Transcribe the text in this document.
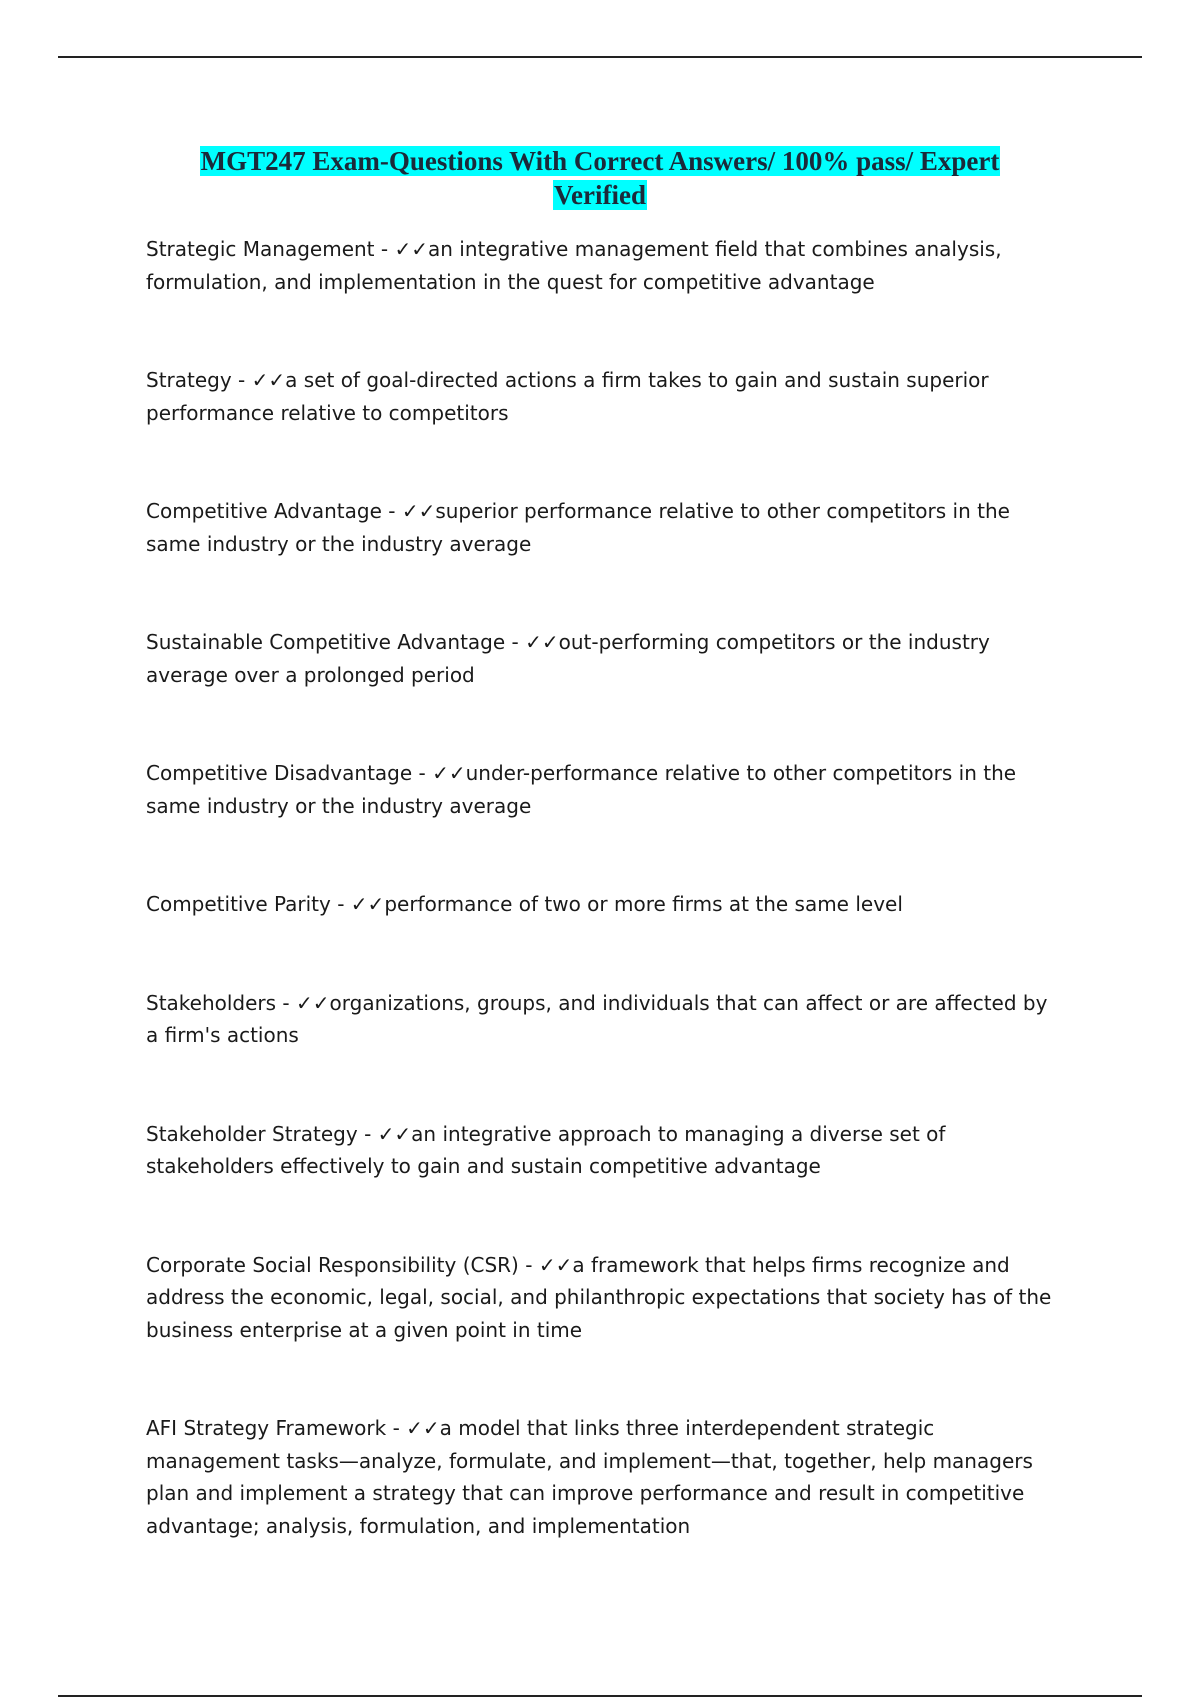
MGT247 Exam-Questions With Correct Answers/ 100% pass/ Expert
Verified

Strategic Management - ✓✓an integrative management field that combines analysis, formulation, and implementation in the quest for competitive advantage

Strategy - ✓✓a set of goal-directed actions a firm takes to gain and sustain superior performance relative to competitors

Competitive Advantage - ✓✓superior performance relative to other competitors in the same industry or the industry average

Sustainable Competitive Advantage - ✓✓out-performing competitors or the industry average over a prolonged period

Competitive Disadvantage - ✓✓under-performance relative to other competitors in the same industry or the industry average

Competitive Parity - ✓✓performance of two or more firms at the same level

Stakeholders - ✓✓organizations, groups, and individuals that can affect or are affected by a firm's actions

Stakeholder Strategy - ✓✓an integrative approach to managing a diverse set of stakeholders effectively to gain and sustain competitive advantage

Corporate Social Responsibility (CSR) - ✓✓a framework that helps firms recognize and address the economic, legal, social, and philanthropic expectations that society has of the business enterprise at a given point in time

AFI Strategy Framework - ✓✓a model that links three interdependent strategic management tasks—analyze, formulate, and implement—that, together, help managers plan and implement a strategy that can improve performance and result in competitive advantage; analysis, formulation, and implementation
